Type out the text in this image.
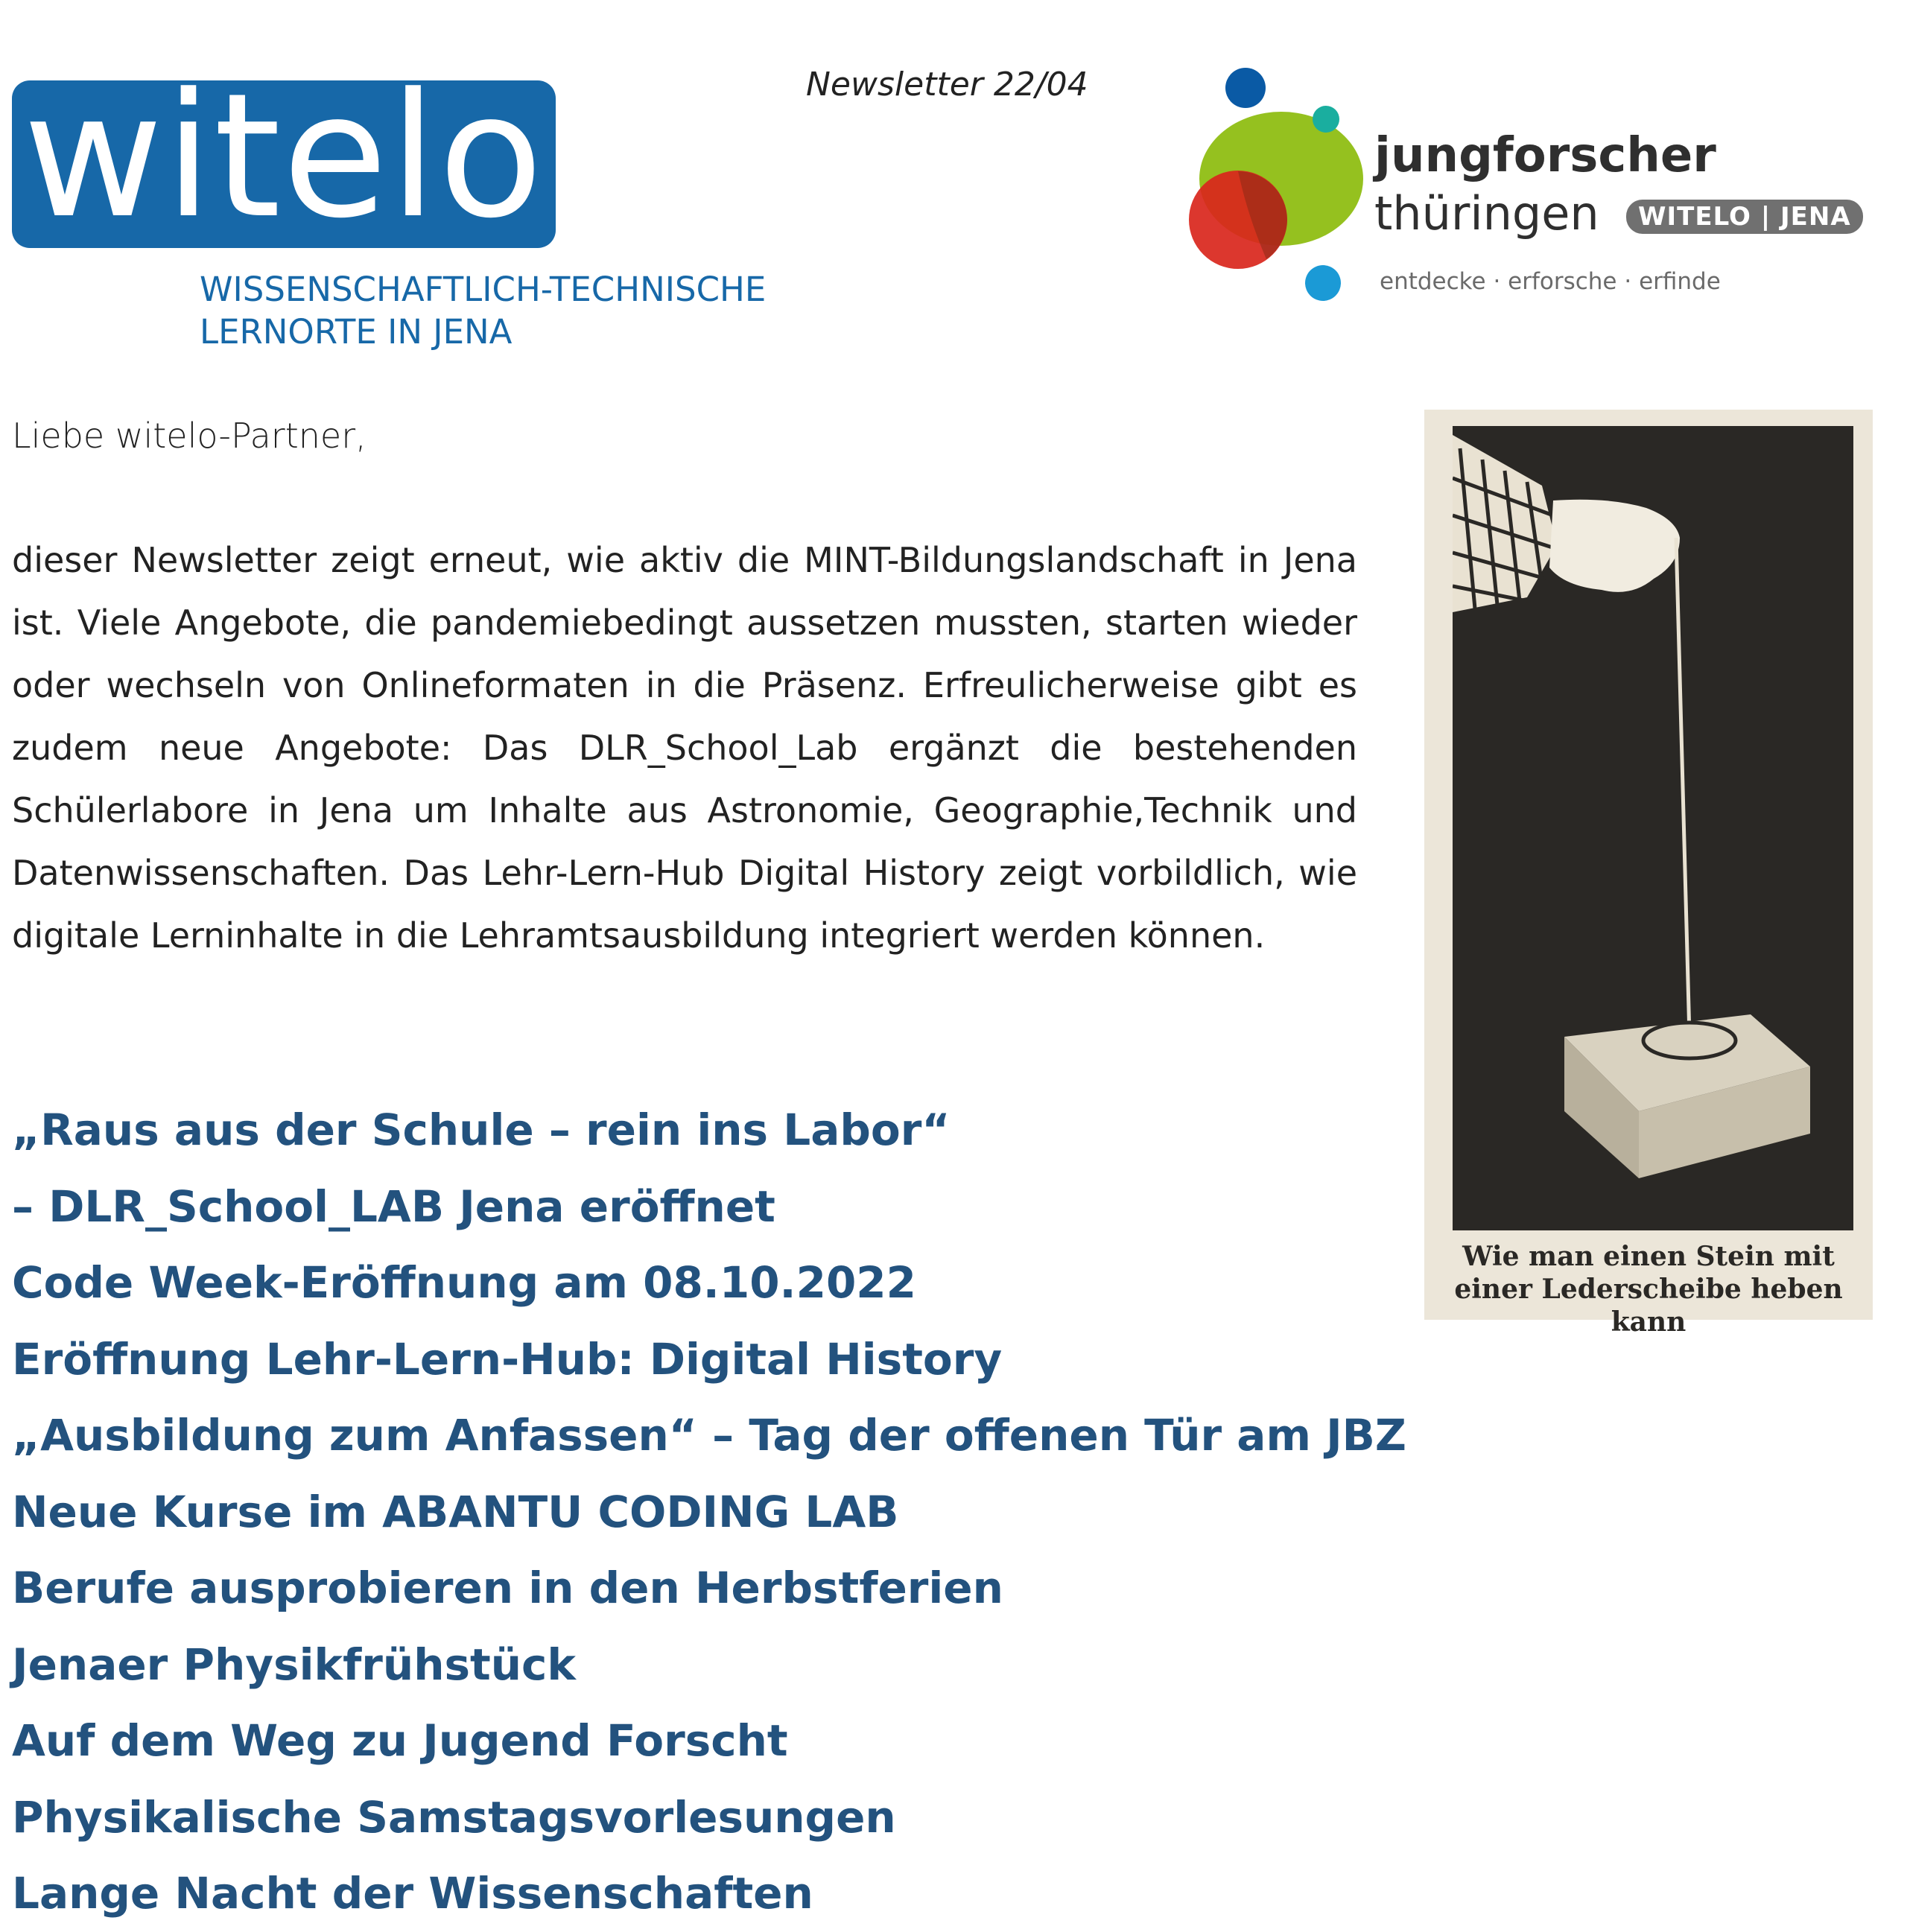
witelo
WISSENSCHAFTLICH-TECHNISCHE
LERNORTE IN JENA
Newsletter 22/04
jungforscher
thüringen	WITELO | JENA
entdecke · erforsche · erfinde
Liebe witelo-Partner,

dieser Newsletter zeigt erneut, wie aktiv die MINT-Bildungslandschaft in Jena ist. Viele Angebote, die pandemiebedingt aussetzen mussten, starten wieder oder wechseln von Onlineformaten in die Präsenz. Erfreulicherweise gibt es zudem neue Angebote: Das DLR_School_Lab ergänzt die bestehenden Schülerlabore in Jena um Inhalte aus Astronomie, Geographie,Technik und Datenwissenschaften. Das Lehr-Lern-Hub Digital History zeigt vorbildlich, wie digitale Lerninhalte in die Lehramtsausbildung integriert werden können.

„Raus aus der Schule – rein ins Labor“
– DLR_School_LAB Jena eröffnet
Code Week-Eröffnung am 08.10.2022
Eröffnung Lehr-Lern-Hub: Digital History
„Ausbildung zum Anfassen“ – Tag der offenen Tür am JBZ
Neue Kurse im ABANTU CODING LAB
Berufe ausprobieren in den Herbstferien
Jenaer Physikfrühstück
Auf dem Weg zu Jugend Forscht
Physikalische Samstagsvorlesungen
Lange Nacht der Wissenschaften
Wie man einen Stein mit
einer Lederscheibe heben kann
